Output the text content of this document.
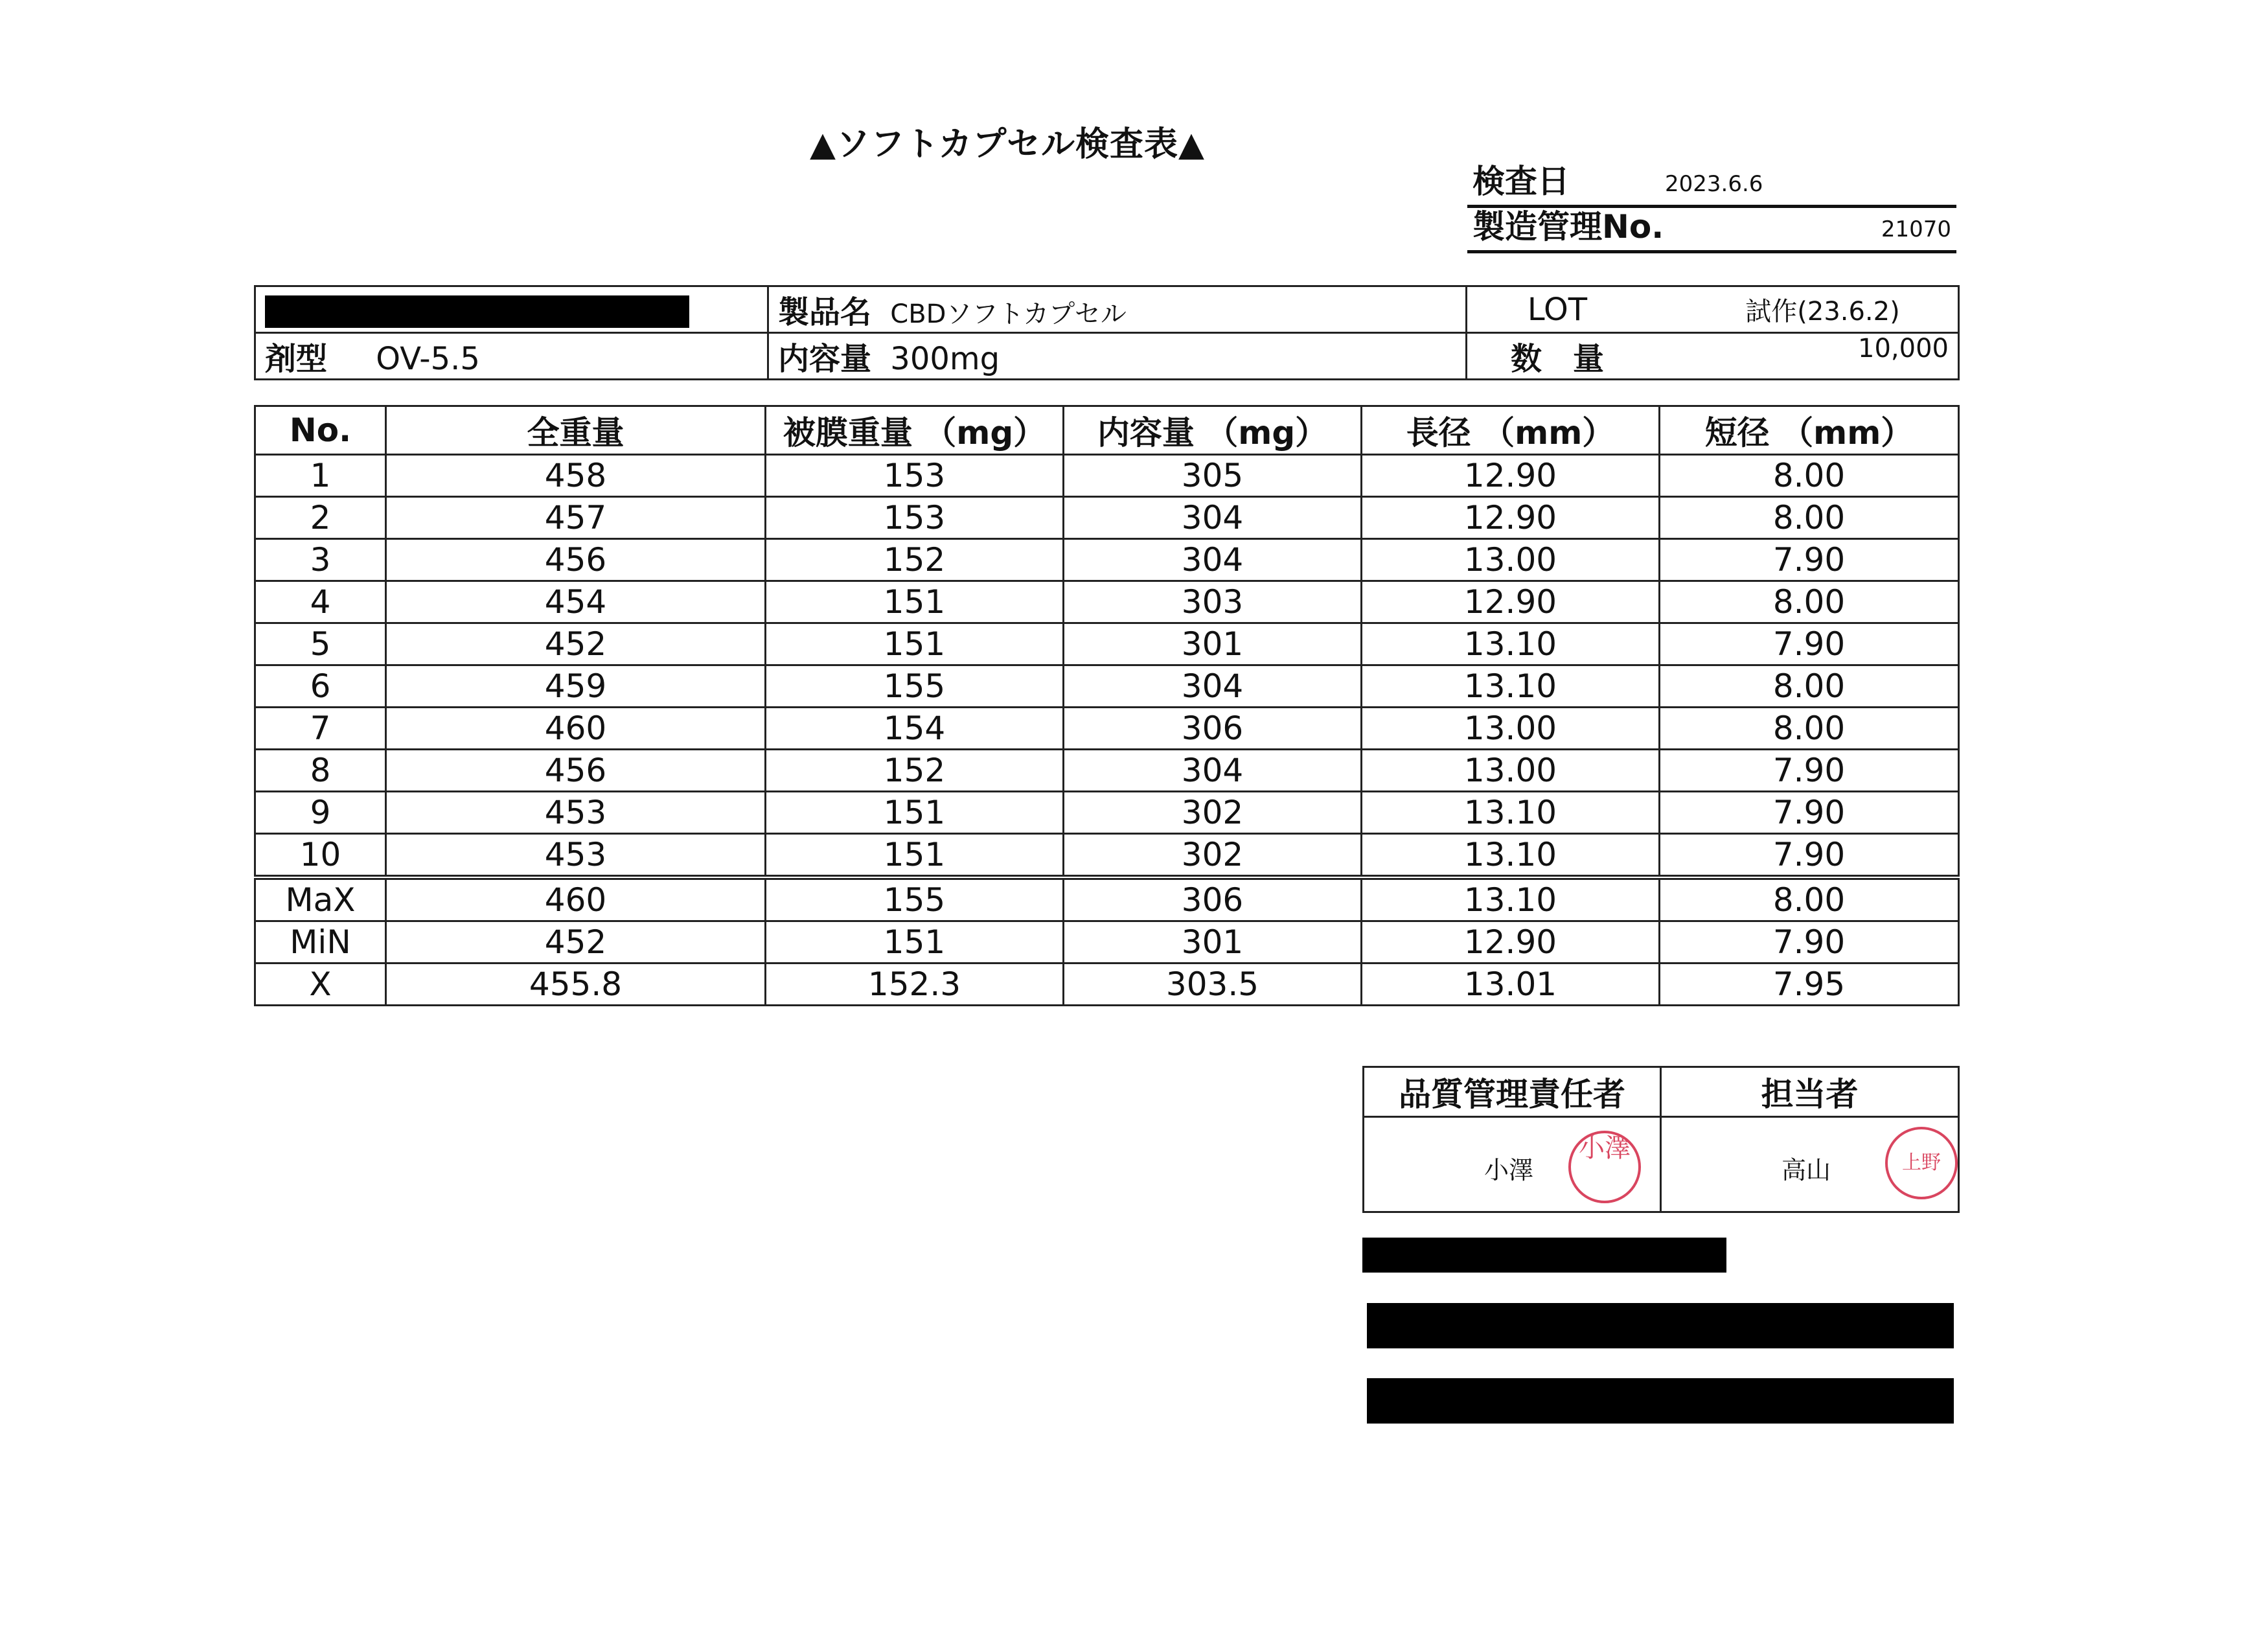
▲ソフトカプセル検査表▲
検査日	2023.6.6
製造管理No.	21070
	製品名 CBDソフトカプセル	LOT 試作(23.6.2)
剤型 OV-5.5	内容量 300mg	数　量 10,000
No.	全重量	被膜重量 （mg）	内容量 （mg）	長径 （mm）	短径 （mm）
1	458	153	305	12.90	8.00
2	457	153	304	12.90	8.00
3	456	152	304	13.00	7.90
4	454	151	303	12.90	8.00
5	452	151	301	13.10	7.90
6	459	155	304	13.10	8.00
7	460	154	306	13.00	8.00
8	456	152	304	13.00	7.90
9	453	151	302	13.10	7.90
10	453	151	302	13.10	7.90
MaX	460	155	306	13.10	8.00
MiN	452	151	301	12.90	7.90
X	455.8	152.3	303.5	13.01	7.95
品質管理責任者	担当者

小澤
小澤	高山 上野
